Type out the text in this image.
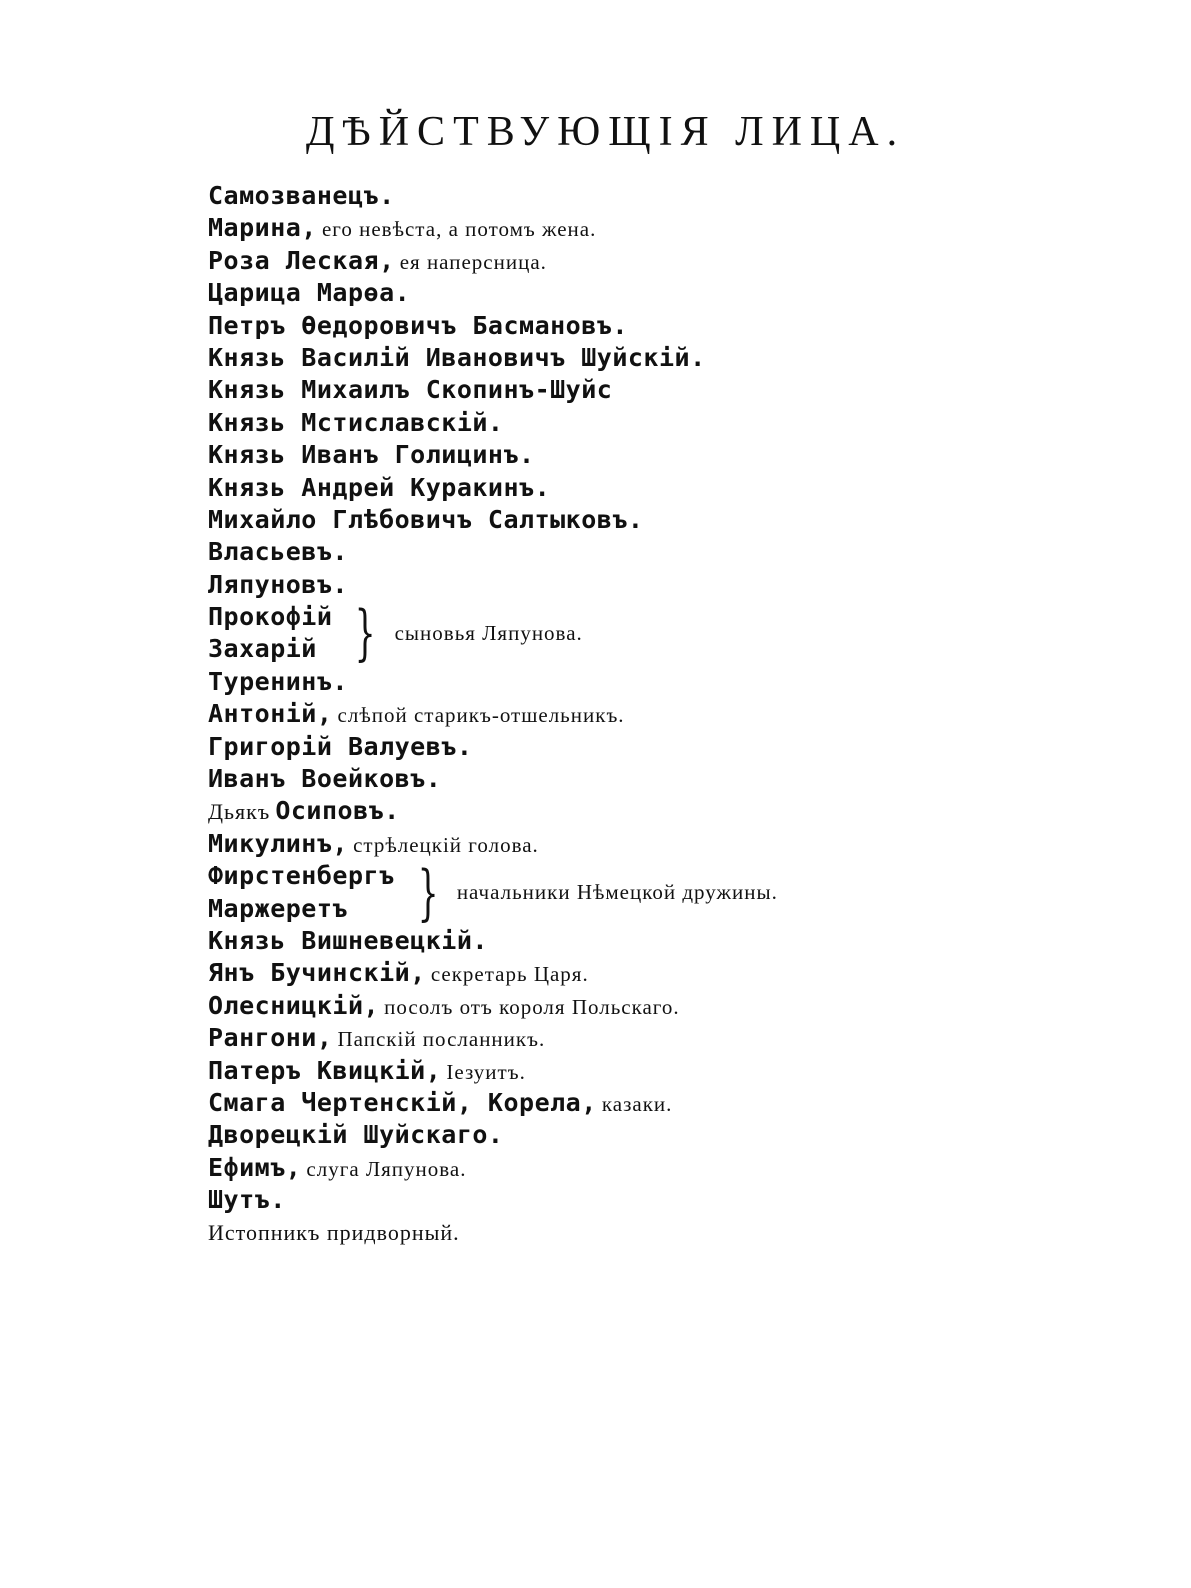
ДѢЙСТВУЮЩІЯ ЛИЦА.
Самозванецъ.
Марина, его невѣста, а потомъ жена.
Роза Леская, ея наперсница.
Царица Марѳа.
Петръ Ѳедоровичъ Басмановъ.
Князь Василій Ивановичъ Шуйскій.
Князь Михаилъ Скопинъ-Шуйс
Князь Мстиславскій.
Князь Иванъ Голицинъ.
Князь Андрей Куракинъ.
Михайло Глѣбовичъ Салтыковъ.
Власьевъ.
Ляпуновъ.
Прокофій
Захарій } сыновья Ляпунова.
Туренинъ.
Антоній, слѣпой старикъ-отшельникъ.
Григорій Валуевъ.
Иванъ Воейковъ.
Дьякъ Осиповъ.
Микулинъ, стрѣлецкій голова.
Фирстенбергъ
Маржеретъ	} начальники Нѣмецкой дружины.
Князь Вишневецкій.
Янъ Бучинскій, секретарь Царя.
Олесницкій, посолъ отъ короля Польскаго.
Рангони, Папскій посланникъ.
Патеръ Квицкій, Іезуитъ.
Смага Чертенскій, Корела, казаки.
Дворецкій Шуйскаго.
Ефимъ, слуга Ляпунова.
Шутъ.
Истопникъ придворный.
